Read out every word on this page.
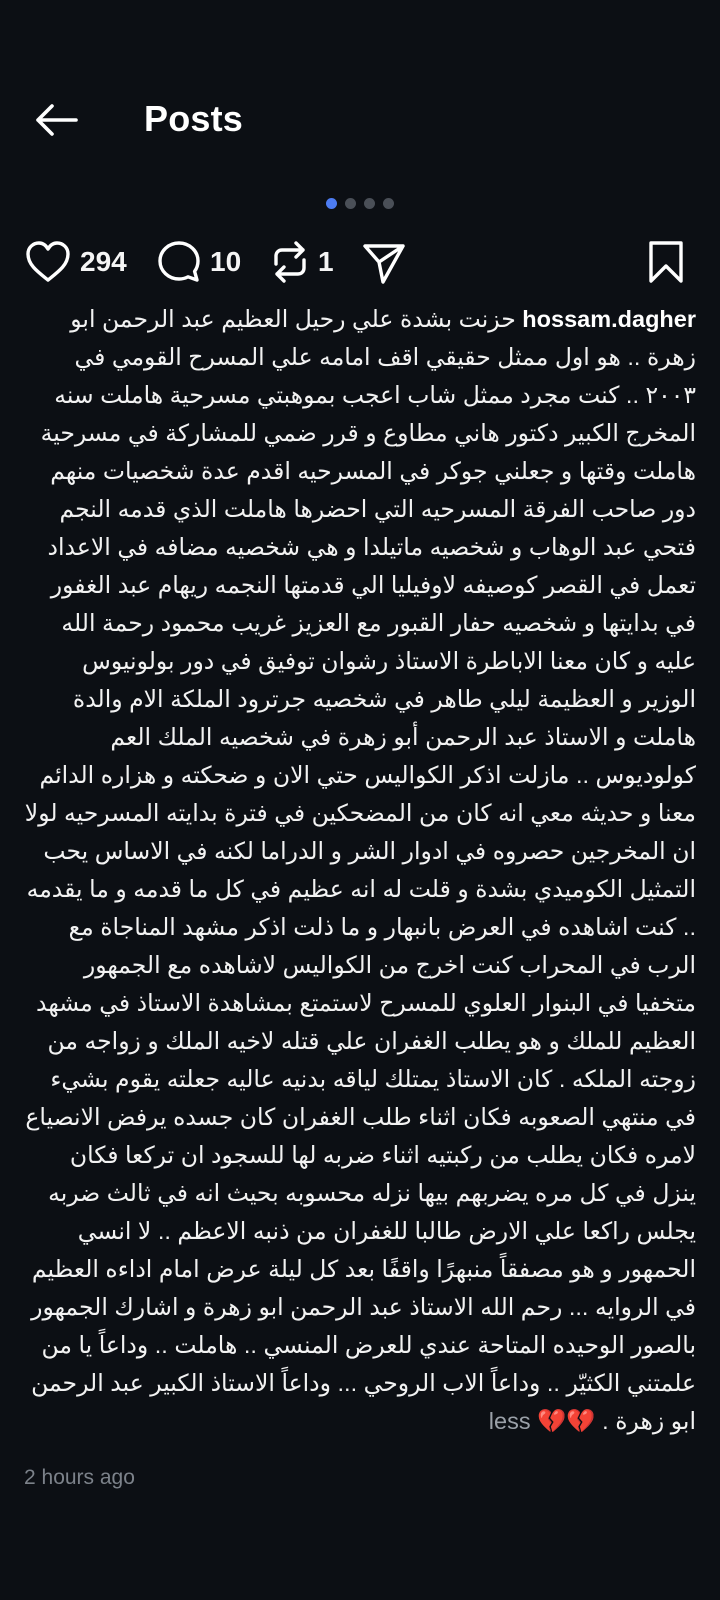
Posts
294	10	1
hossam.dagher حزنت بشدة علي رحيل العظيم عبد الرحمن ابو زهرة .. هو اول ممثل حقيقي اقف امامه علي المسرح القومي في ٢٠٠٣ .. كنت مجرد ممثل شاب اعجب بموهبتي مسرحية هاملت سنه المخرج الكبير دكتور هاني مطاوع و قرر ضمي للمشاركة في مسرحية هاملت وقتها و جعلني جوكر في المسرحيه اقدم عدة شخصيات منهم دور صاحب الفرقة المسرحيه التي احضرها هاملت الذي قدمه النجم فتحي عبد الوهاب و شخصيه ماتيلدا و هي شخصيه مضافه في الاعداد تعمل في القصر كوصيفه لاوفيليا الي قدمتها النجمه ريهام عبد الغفور في بدايتها و شخصيه حفار القبور مع العزيز غريب محمود رحمة الله عليه و كان معنا الاباطرة الاستاذ رشوان توفيق في دور بولونيوس الوزير و العظيمة ليلي طاهر في شخصيه جرترود الملكة الام والدة هاملت و الاستاذ عبد الرحمن أبو زهرة في شخصيه الملك العم كولوديوس .. مازلت اذكر الكواليس حتي الان و ضحكته و هزاره الدائم معنا و حديثه معي انه كان من المضحكين في فترة بدايته المسرحيه لولا ان المخرجين حصروه في ادوار الشر و الدراما لكنه في الاساس يحب التمثيل الكوميدي بشدة و قلت له انه عظيم في كل ما قدمه و ما يقدمه .. كنت اشاهده في العرض بانبهار و ما ذلت اذكر مشهد المناجاة مع الرب في المحراب كنت اخرج من الكواليس لاشاهده مع الجمهور متخفيا في البنوار العلوي للمسرح لاستمتع بمشاهدة الاستاذ في مشهد العظيم للملك و هو يطلب الغفران علي قتله لاخيه الملك و زواجه من زوجته الملكه . كان الاستاذ يمتلك لياقه بدنيه عاليه جعلته يقوم بشيء في منتهي الصعوبه فكان اثناء طلب الغفران كان جسده يرفض الانصياع لامره فكان يطلب من ركبتيه اثناء ضربه لها للسجود ان تركعا فكان ينزل في كل مره يضربهم بيها نزله محسوبه بحيث انه في ثالث ضربه يجلس راكعا علي الارض طالبا للغفران من ذنبه الاعظم .. لا انسي الحمهور و هو مصفقاً منبهرًا واقفًا بعد كل ليلة عرض امام اداءه العظيم في الروايه ... رحم الله الاستاذ عبد الرحمن ابو زهرة و اشارك الجمهور بالصور الوحيده المتاحة عندي للعرض المنسي .. هاملت .. وداعاً يا من علمتني الكثيّر .. وداعاً الاب الروحي ... وداعاً الاستاذ الكبير عبد الرحمن ابو زهرة . 💔💔 less
2 hours ago
